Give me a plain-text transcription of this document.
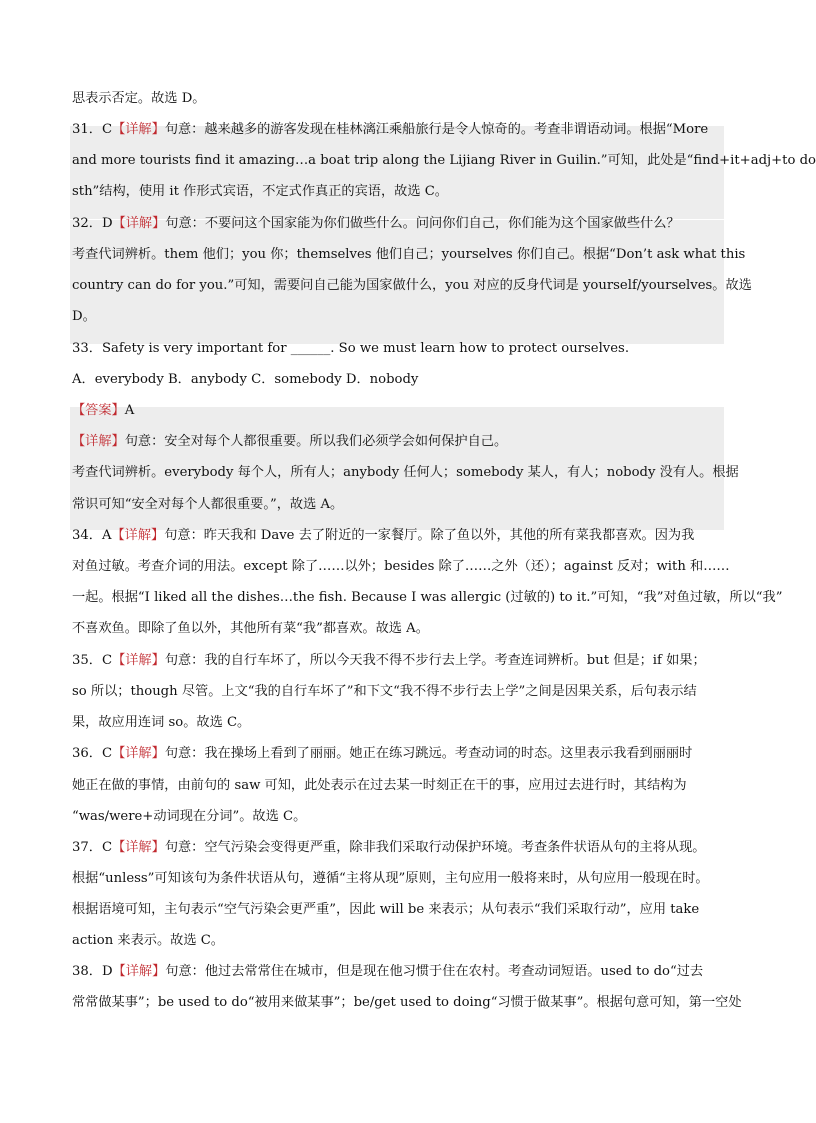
思表示否定。故选 D。
31．C【详解】句意：越来越多的游客发现在桂林漓江乘船旅行是令人惊奇的。考查非谓语动词。根据“More
and more tourists find it amazing…a boat trip along the Lijiang River in Guilin.”可知，此处是“find+it+adj+to do
sth”结构，使用 it 作形式宾语，不定式作真正的宾语，故选 C。
32．D【详解】句意：不要问这个国家能为你们做些什么。问问你们自己，你们能为这个国家做些什么？
考查代词辨析。them 他们；you 你；themselves 他们自己；yourselves 你们自己。根据“Don’t ask what this
country can do for you.”可知，需要问自己能为国家做什么，you 对应的反身代词是 yourself/yourselves。故选
D。
33．Safety is very important for ______. So we must learn how to protect ourselves.
A．everybody B．anybody C．somebody D．nobody
【答案】A
【详解】句意：安全对每个人都很重要。所以我们必须学会如何保护自己。
考查代词辨析。everybody 每个人，所有人；anybody 任何人；somebody 某人，有人；nobody 没有人。根据
常识可知“安全对每个人都很重要。”，故选 A。
34．A【详解】句意：昨天我和 Dave 去了附近的一家餐厅。除了鱼以外，其他的所有菜我都喜欢。因为我
对鱼过敏。考查介词的用法。except 除了……以外；besides 除了……之外（还）；against 反对；with 和……
一起。根据“I liked all the dishes…the fish. Because I was allergic (过敏的) to it.”可知，“我”对鱼过敏，所以“我”
不喜欢鱼。即除了鱼以外，其他所有菜“我”都喜欢。故选 A。
35．C【详解】句意：我的自行车坏了，所以今天我不得不步行去上学。考查连词辨析。but 但是；if 如果；
so 所以；though 尽管。上文“我的自行车坏了”和下文“我不得不步行去上学”之间是因果关系，后句表示结
果，故应用连词 so。故选 C。
36．C【详解】句意：我在操场上看到了丽丽。她正在练习跳远。考查动词的时态。这里表示我看到丽丽时
她正在做的事情，由前句的 saw 可知，此处表示在过去某一时刻正在干的事，应用过去进行时，其结构为
“was/were+动词现在分词”。故选 C。
37．C【详解】句意：空气污染会变得更严重，除非我们采取行动保护环境。考查条件状语从句的主将从现。
根据“unless”可知该句为条件状语从句，遵循“主将从现”原则，主句应用一般将来时，从句应用一般现在时。
根据语境可知，主句表示“空气污染会更严重”，因此 will be 来表示；从句表示“我们采取行动”，应用 take
action 来表示。故选 C。
38．D【详解】句意：他过去常常住在城市，但是现在他习惯于住在农村。考查动词短语。used to do“过去
常常做某事”；be used to do“被用来做某事”；be/get used to doing“习惯于做某事”。根据句意可知，第一空处
